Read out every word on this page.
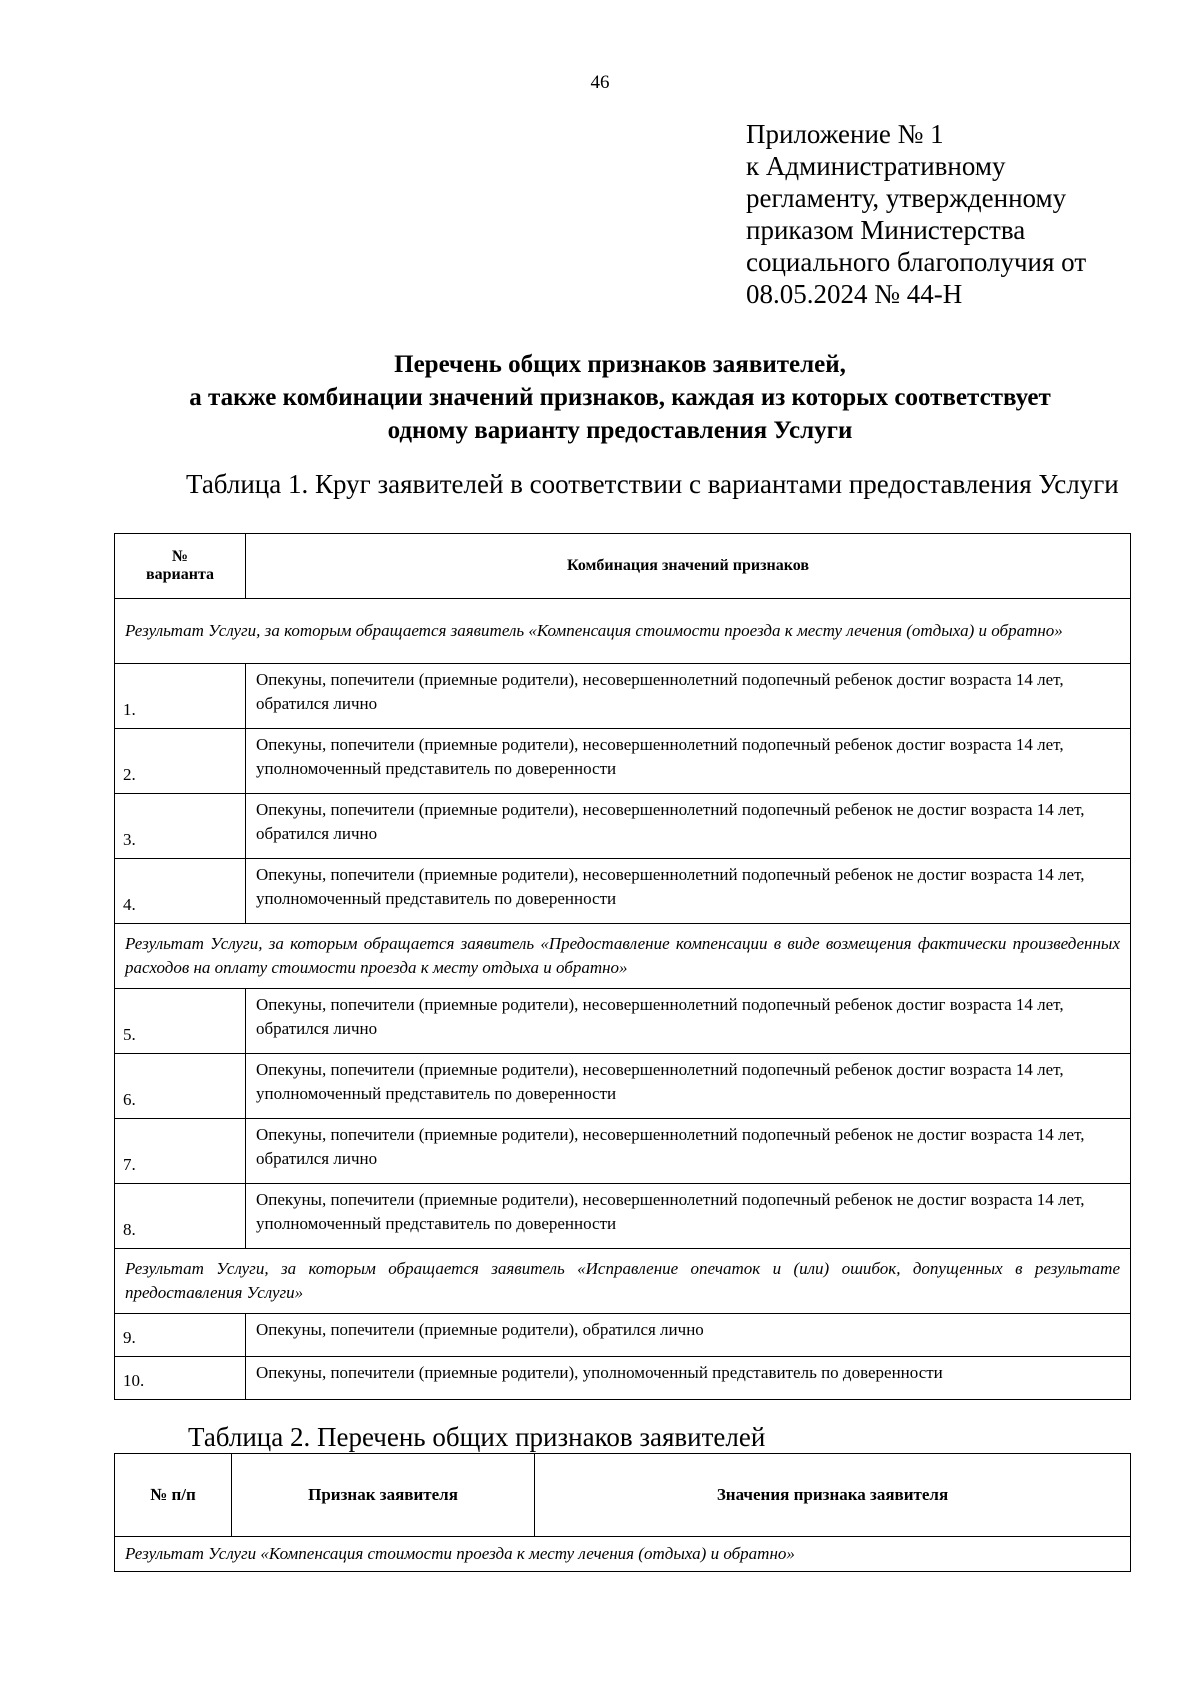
46
Приложение № 1
к Административному
регламенту, утвержденному
приказом Министерства
социального благополучия от
08.05.2024 № 44-Н
Перечень общих признаков заявителей,
а также комбинации значений признаков, каждая из которых соответствует
одному варианту предоставления Услуги
Таблица 1. Круг заявителей в соответствии с вариантами предоставления Услуги
№
варианта	Комбинация значений признаков
Результат Услуги, за которым обращается заявитель «Компенсация стоимости проезда к месту лечения (отдыха) и обратно»	
1.	Опекуны, попечители (приемные родители), несовершеннолетний подопечный ребенок достиг возраста 14 лет, обратился лично
2.	Опекуны, попечители (приемные родители), несовершеннолетний подопечный ребенок достиг возраста 14 лет, уполномоченный представитель по доверенности
3.	Опекуны, попечители (приемные родители), несовершеннолетний подопечный ребенок не достиг возраста 14 лет, обратился лично
4.	Опекуны, попечители (приемные родители), несовершеннолетний подопечный ребенок не достиг возраста 14 лет, уполномоченный представитель по доверенности
Результат Услуги, за которым обращается заявитель «Предоставление компенсации в виде возмещения фактически произведенных расходов на оплату стоимости проезда к месту отдыха и обратно»	
5.	Опекуны, попечители (приемные родители), несовершеннолетний подопечный ребенок достиг возраста 14 лет, обратился лично
6.	Опекуны, попечители (приемные родители), несовершеннолетний подопечный ребенок достиг возраста 14 лет, уполномоченный представитель по доверенности
7.	Опекуны, попечители (приемные родители), несовершеннолетний подопечный ребенок не достиг возраста 14 лет, обратился лично
8.	Опекуны, попечители (приемные родители), несовершеннолетний подопечный ребенок не достиг возраста 14 лет, уполномоченный представитель по доверенности
Результат Услуги, за которым обращается заявитель «Исправление опечаток и (или) ошибок, допущенных в результате предоставления Услуги»	
9.	Опекуны, попечители (приемные родители), обратился лично
10.	Опекуны, попечители (приемные родители), уполномоченный представитель по доверенности
Таблица 2. Перечень общих признаков заявителей
№ п/п	Признак заявителя	Значения признака заявителя
Результат Услуги «Компенсация стоимости проезда к месту лечения (отдыха) и обратно»
